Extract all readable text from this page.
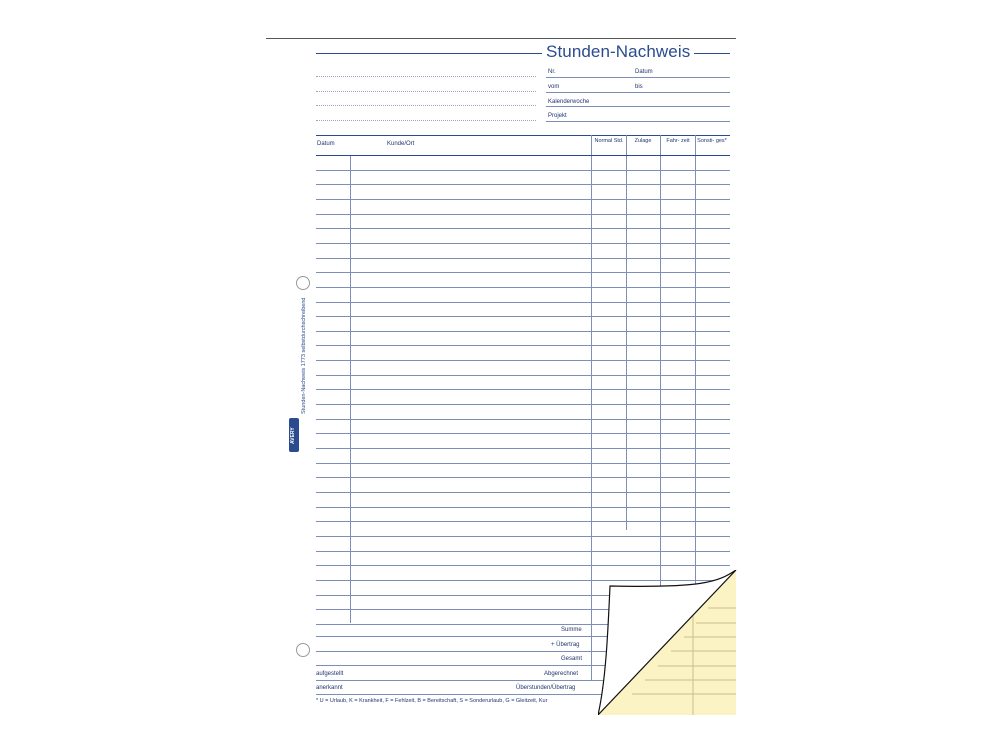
Stunden-Nachweis
Nr.	Datum
vom	bis
Kalenderwoche
Projekt
Datum	Kunde/Ort	Normal Std.	Zulage	Fahr- zeit	Sonsti- ges*
Summe
+ Übertrag
Gesamt
aufgestellt	Abgerechnet
anerkannt	Überstunden/Übertrag
* U = Urlaub, K = Krankheit, F = Fehlzeit, B = Bereitschaft, S = Sonderurlaub, G = Gleitzeit, Kur
AVERY
Stunden-Nachweis 1773 selbstdurchschreibend
